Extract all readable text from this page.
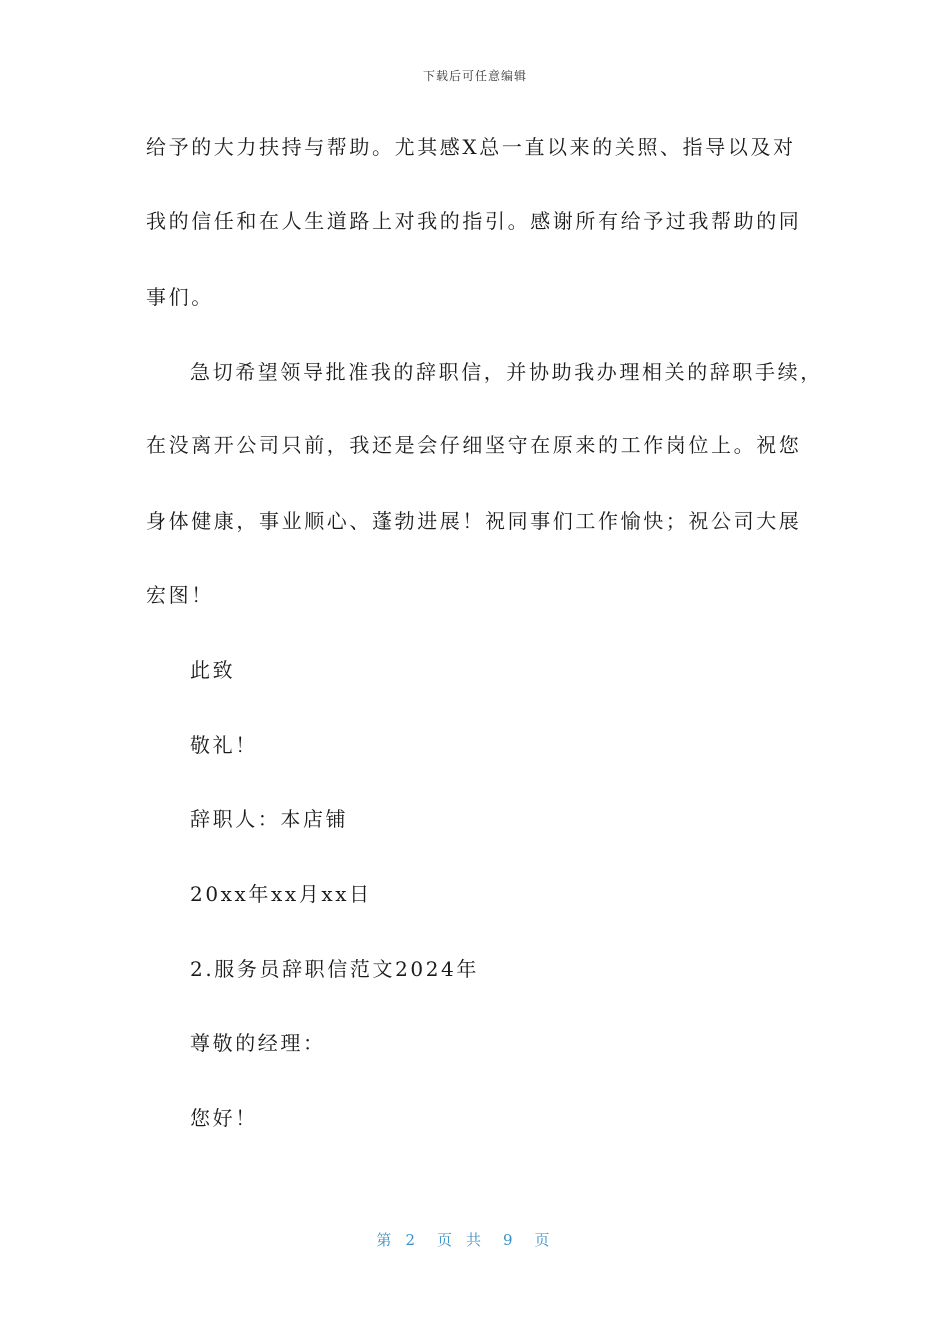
下载后可任意编辑
给予的大力扶持与帮助。尤其感X总一直以来的关照、指导以及对
我的信任和在人生道路上对我的指引。感谢所有给予过我帮助的同
事们。
急切希望领导批准我的辞职信，并协助我办理相关的辞职手续，
在没离开公司只前，我还是会仔细坚守在原来的工作岗位上。祝您
身体健康，事业顺心、蓬勃进展！祝同事们工作愉快；祝公司大展
宏图！
此致
敬礼！
辞职人：本店铺
20xx年xx月xx日
2.服务员辞职信范文2024年
尊敬的经理：
您好！
第 2 页共 9 页
